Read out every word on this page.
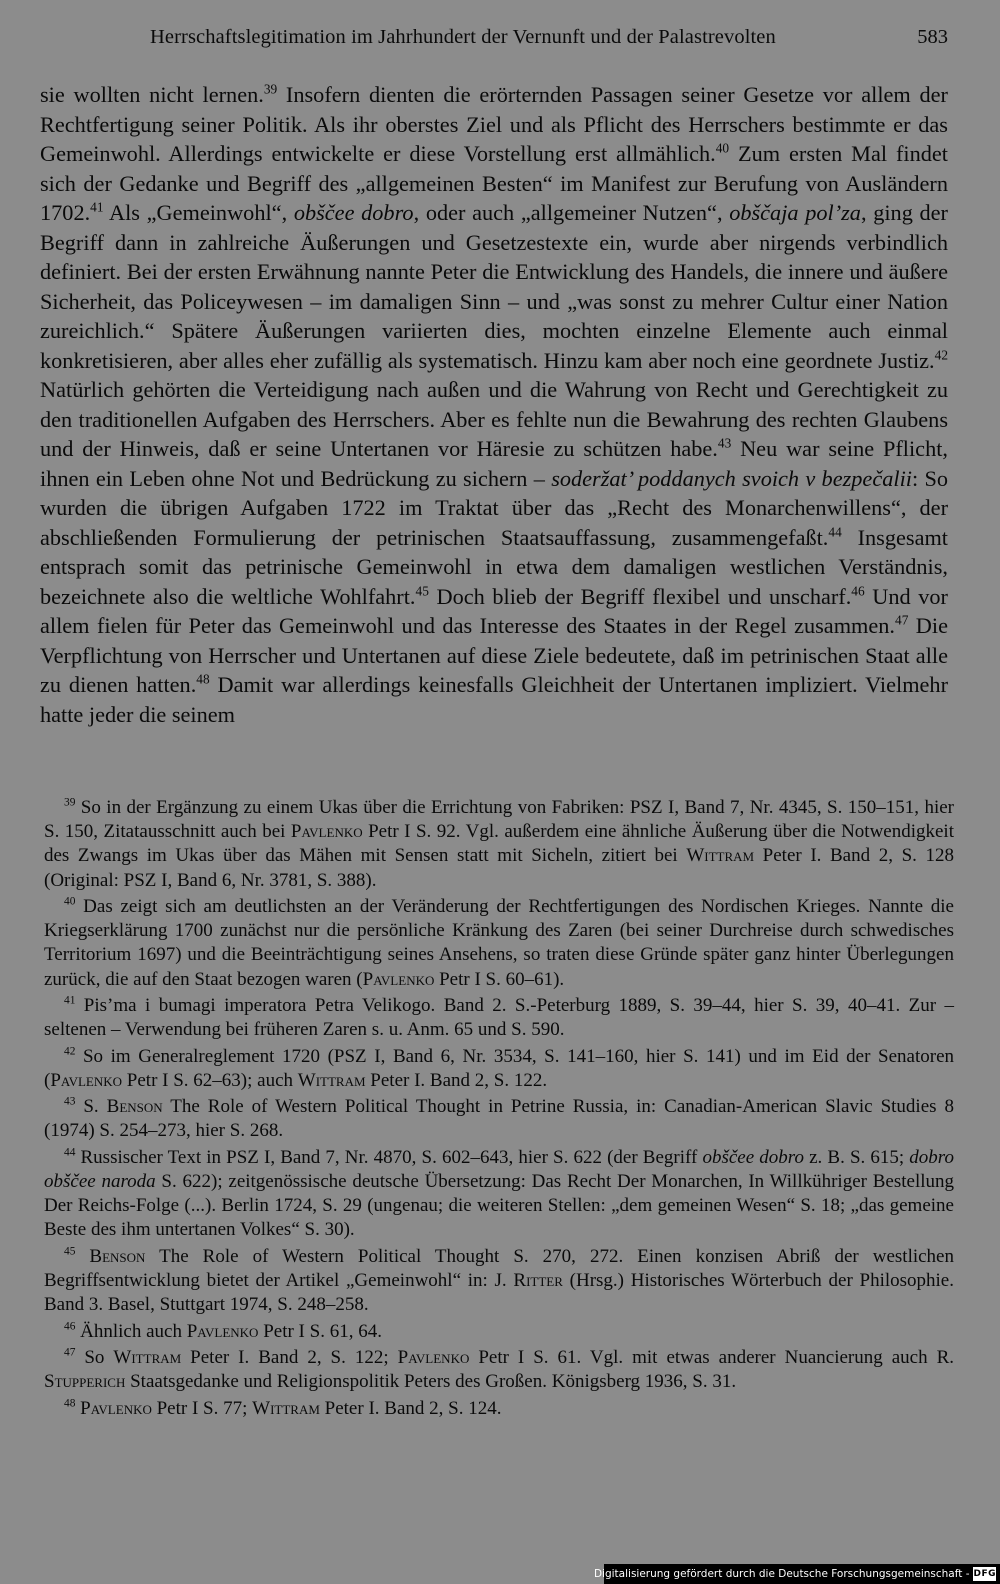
Herrschaftslegitimation im Jahrhundert der Vernunft und der Palastrevolten	583

sie wollten nicht lernen.$^{39}$ Insofern dienten die erörternden Passagen seiner Gesetze vor allem der Rechtfertigung seiner Politik. Als ihr oberstes Ziel und als Pflicht des Herrschers bestimmte er das Gemeinwohl. Allerdings entwickelte er diese Vorstellung erst allmählich.$^{40}$ Zum ersten Mal findet sich der Gedanke und Begriff des „allgemeinen Besten“ im Manifest zur Berufung von Ausländern 1702.41 Als „Gemeinwohl“, obščee dobro, oder auch „allgemeiner Nutzen“, obščaja pol’za, ging der Begriff dann in zahlreiche Äußerungen und Gesetzestexte ein, wurde aber nirgends verbindlich definiert. Bei der ersten Erwähnung nannte Peter die Entwicklung des Handels, die innere und äußere Sicherheit, das Policeywesen – im damaligen Sinn – und „was sonst zu mehrer Cultur einer Nation zureichlich.“ Spätere Äußerungen variierten dies, mochten einzelne Elemente auch einmal konkretisieren, aber alles eher zufällig als systematisch. Hinzu kam aber noch eine geordnete Justiz.$^{42}$ Natürlich gehörten die Verteidigung nach außen und die Wahrung von Recht und Gerechtigkeit zu den traditionellen Aufgaben des Herrschers. Aber es fehlte nun die Bewahrung des rechten Glaubens und der Hinweis, daß er seine Untertanen vor Häresie zu schützen habe.$^{43}$ Neu war seine Pflicht, ihnen ein Leben ohne Not und Bedrückung zu sichern – soderžat’ poddanych svoich v bezpečalii: So wurden die übrigen Aufgaben 1722 im Traktat über das „Recht des Monarchenwillens“, der abschließenden Formulierung der petrinischen Staatsauffassung, zusammengefaßt.$^{44}$ Insgesamt entsprach somit das petrinische Gemeinwohl in etwa dem damaligen westlichen Verständnis, bezeichnete also die weltliche Wohlfahrt.$^{45}$ Doch blieb der Begriff flexibel und unscharf.$^{46}$ Und vor allem fielen für Peter das Gemeinwohl und das Interesse des Staates in der Regel zusammen.$^{47}$ Die Verpflichtung von Herrscher und Untertanen auf diese Ziele bedeutete, daß im petrinischen Staat alle zu dienen hatten.$^{48}$ Damit war allerdings keinesfalls Gleichheit der Untertanen impliziert. Vielmehr hatte jeder die seinem

$^{39}$ So in der Ergänzung zu einem Ukas über die Errichtung von Fabriken: PSZ I, Band 7, Nr. 4345, S. 150–151, hier S. 150, Zitatausschnitt auch bei Pavlenko Petr I S. 92. Vgl. außerdem eine ähnliche Äußerung über die Notwendigkeit des Zwangs im Ukas über das Mähen mit Sensen statt mit Sicheln, zitiert bei Wittram Peter I. Band 2, S. 128 (Original: PSZ I, Band 6, Nr. 3781, S. 388).

$^{40}$ Das zeigt sich am deutlichsten an der Veränderung der Rechtfertigungen des Nordischen Krieges. Nannte die Kriegserklärung 1700 zunächst nur die persönliche Kränkung des Zaren (bei seiner Durchreise durch schwedisches Territorium 1697) und die Beeinträchtigung seines Ansehens, so traten diese Gründe später ganz hinter Überlegungen zurück, die auf den Staat bezogen waren (Pavlenko Petr I S. 60–61).

$^{41}$ Pis’ma i bumagi imperatora Petra Velikogo. Band 2. S.-Peterburg 1889, S. 39–44, hier S. 39, 40–41. Zur – seltenen – Verwendung bei früheren Zaren s. u. Anm. 65 und S. 590.

$^{42}$ So im Generalreglement 1720 (PSZ I, Band 6, Nr. 3534, S. 141–160, hier S. 141) und im Eid der Senatoren (Pavlenko Petr I S. 62–63); auch Wittram Peter I. Band 2, S. 122.

$^{43}$ S. Benson The Role of Western Political Thought in Petrine Russia, in: Canadian-American Slavic Studies 8 (1974) S. 254–273, hier S. 268.

$^{44}$ Russischer Text in PSZ I, Band 7, Nr. 4870, S. 602–643, hier S. 622 (der Begriff obščee dobro z. B. S. 615; dobro obščee naroda S. 622); zeitgenössische deutsche Übersetzung: Das Recht Der Monarchen, In Willkühriger Bestellung Der Reichs-Folge (...). Berlin 1724, S. 29 (ungenau; die weiteren Stellen: „dem gemeinen Wesen“ S. 18; „das gemeine Beste des ihm untertanen Volkes“ S. 30).

$^{45}$ Benson The Role of Western Political Thought S. 270, 272. Einen konzisen Abriß der westlichen Begriffsentwicklung bietet der Artikel „Gemeinwohl“ in: J. Ritter (Hrsg.) Historisches Wörterbuch der Philosophie. Band 3. Basel, Stuttgart 1974, S. 248–258.

$^{46}$ Ähnlich auch Pavlenko Petr I S. 61, 64.

$^{47}$ So Wittram Peter I. Band 2, S. 122; Pavlenko Petr I S. 61. Vgl. mit etwas anderer Nuancierung auch R. Stupperich Staatsgedanke und Religionspolitik Peters des Großen. Königsberg 1936, S. 31.

$^{48}$ Pavlenko Petr I S. 77; Wittram Peter I. Band 2, S. 124.

Digitalisierung gefördert durch die Deutsche Forschungsgemeinschaft - DFG
